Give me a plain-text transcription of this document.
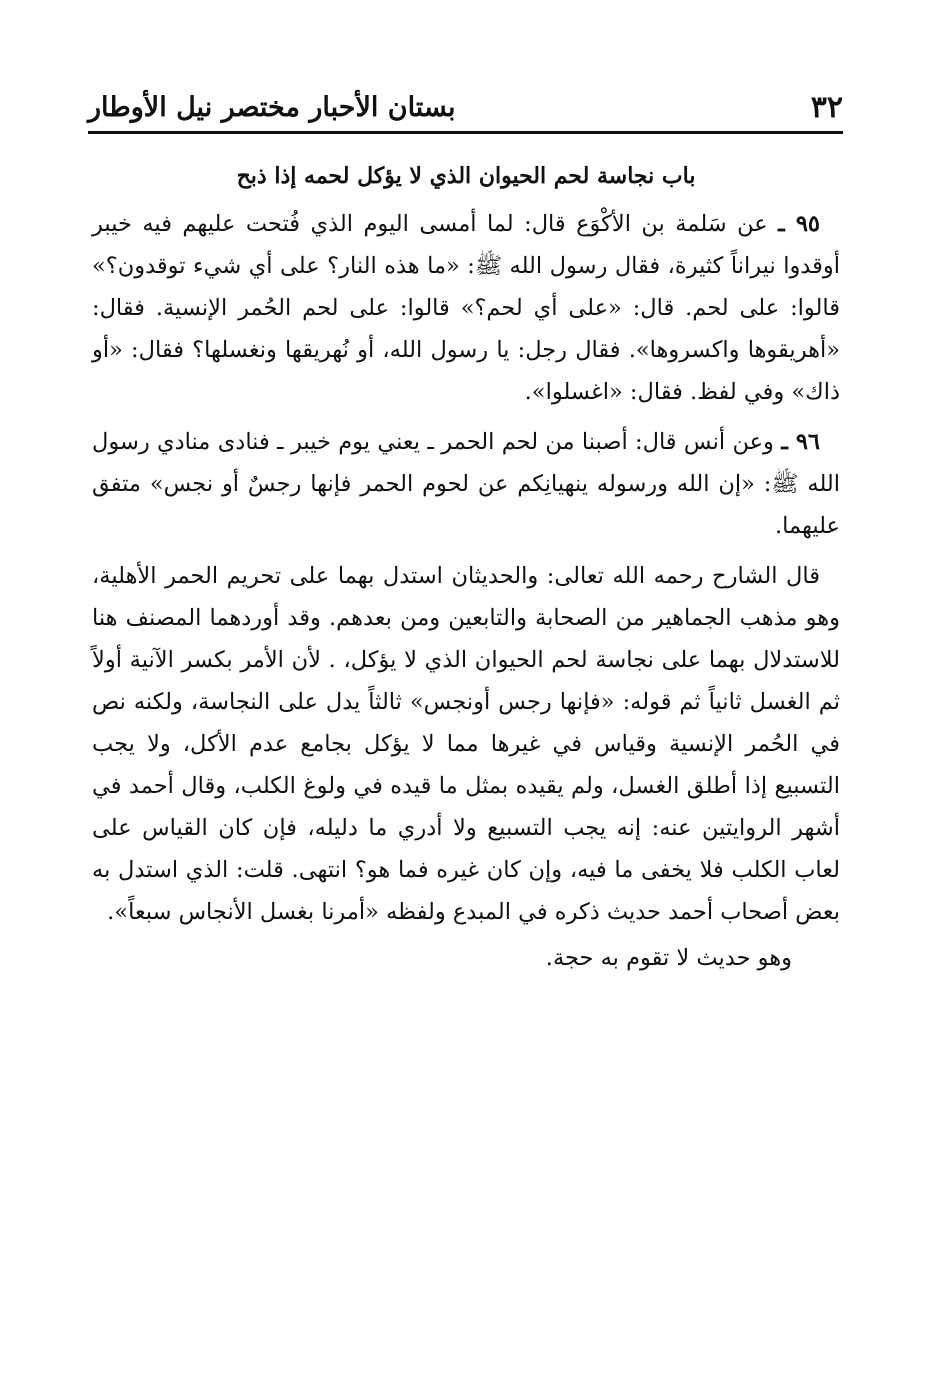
٣٢
بستان الأحبار مختصر نيل الأوطار

باب نجاسة لحم الحيوان الذي لا يؤكل لحمه إذا ذبح

٩٥ ـ عن سَلمة بن الأكْوَع قال: لما أمسى اليوم الذي فُتحت عليهم فيه خيبر أوقدوا نيراناً كثيرة، فقال رسول الله ﷺ: «ما هذه النار؟ على أي شيء توقدون؟» قالوا: على لحم. قال: «على أي لحم؟» قالوا: على لحم الحُمر الإنسية. فقال: «أهريقوها واكسروها». فقال رجل: يا رسول الله، أو نُهريقها ونغسلها؟ فقال: «أو ذاك» وفي لفظ. فقال: «اغسلوا».

٩٦ ـ وعن أنس قال: أصبنا من لحم الحمر ـ يعني يوم خيبر ـ فنادى منادي رسول الله ﷺ: «إن الله ورسوله ينهيانِكم عن لحوم الحمر فإنها رجسٌ أو نجس» متفق عليهما.

قال الشارح رحمه الله تعالى: والحديثان استدل بهما على تحريم الحمر الأهلية، وهو مذهب الجماهير من الصحابة والتابعين ومن بعدهم. وقد أوردهما المصنف هنا للاستدلال بهما على نجاسة لحم الحيوان الذي لا يؤكل، . لأن الأمر بكسر الآنية أولاً ثم الغسل ثانياً ثم قوله: «فإنها رجس أونجس» ثالثاً يدل على النجاسة، ولكنه نص في الحُمر الإنسية وقياس في غيرها مما لا يؤكل بجامع عدم الأكل، ولا يجب التسبيع إذا أطلق الغسل، ولم يقيده بمثل ما قيده في ولوغ الكلب، وقال أحمد في أشهر الروايتين عنه: إنه يجب التسبيع ولا أدري ما دليله، فإن كان القياس على لعاب الكلب فلا يخفى ما فيه، وإن كان غيره فما هو؟ انتهى. قلت: الذي استدل به بعض أصحاب أحمد حديث ذكره في المبدع ولفظه «أمرنا بغسل الأنجاس سبعاً».

وهو حديث لا تقوم به حجة.
